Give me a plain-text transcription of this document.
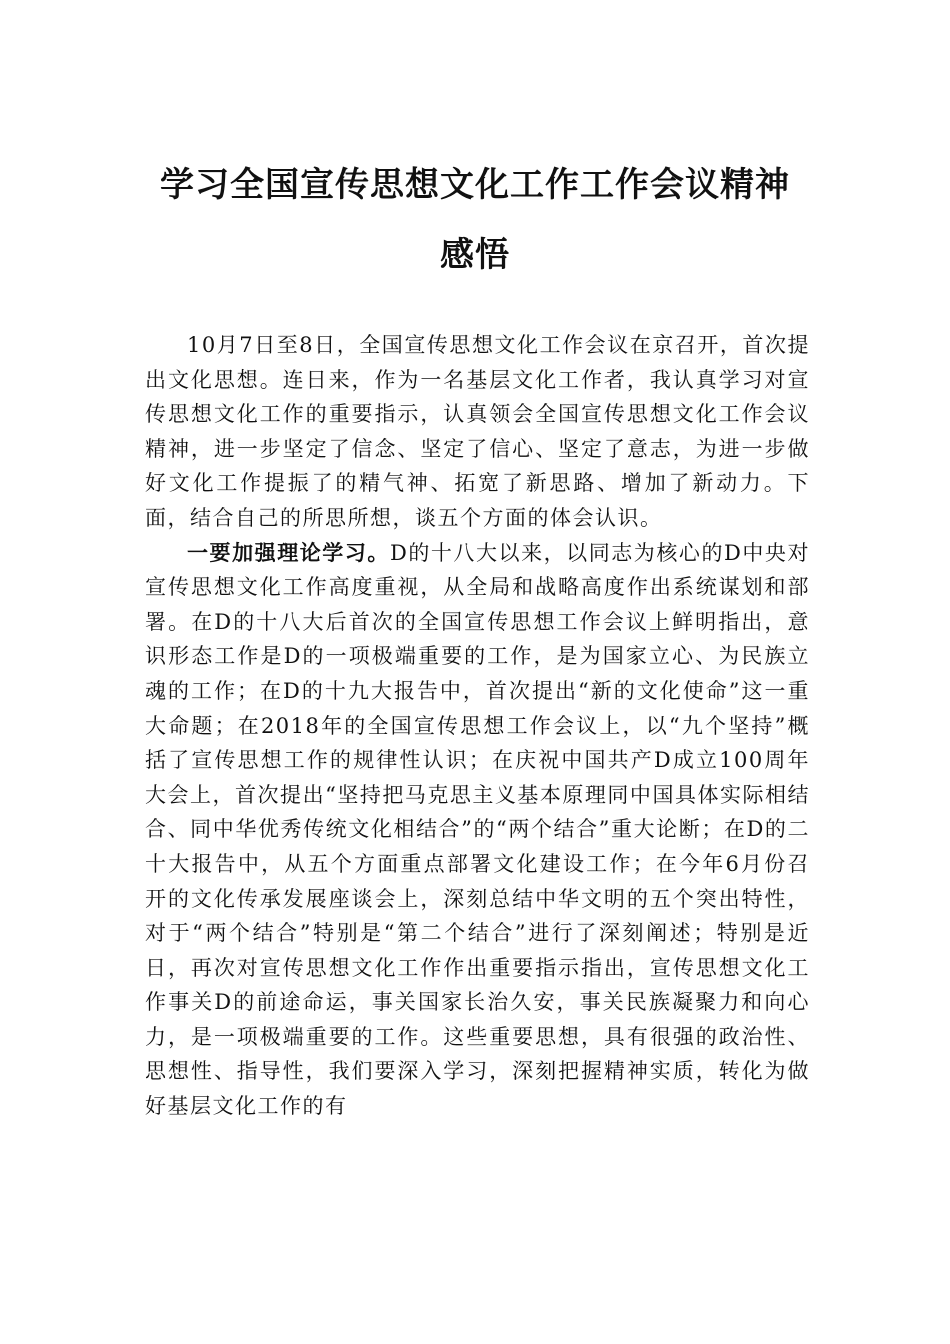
学习全国宣传思想文化工作工作会议精神
感悟

10月7日至8日，全国宣传思想文化工作会议在京召开，首次提出文化思想。连日来，作为一名基层文化工作者，我认真学习对宣传思想文化工作的重要指示，认真领会全国宣传思想文化工作会议精神，进一步坚定了信念、坚定了信心、坚定了意志，为进一步做好文化工作提振了的精气神、拓宽了新思路、增加了新动力。下面，结合自己的所思所想，谈五个方面的体会认识。

一要加强理论学习。D的十八大以来，以同志为核心的D中央对宣传思想文化工作高度重视，从全局和战略高度作出系统谋划和部署。在D的十八大后首次的全国宣传思想工作会议上鲜明指出，意识形态工作是D的一项极端重要的工作，是为国家立心、为民族立魂的工作；在D的十九大报告中，首次提出“新的文化使命”这一重大命题；在2018年的全国宣传思想工作会议上，以“九个坚持”概括了宣传思想工作的规律性认识；在庆祝中国共产D成立100周年大会上，首次提出“坚持把马克思主义基本原理同中国具体实际相结合、同中华优秀传统文化相结合”的“两个结合”重大论断；在D的二十大报告中，从五个方面重点部署文化建设工作；在今年6月份召开的文化传承发展座谈会上，深刻总结中华文明的五个突出特性，对于“两个结合”特别是“第二个结合”进行了深刻阐述；特别是近日，再次对宣传思想文化工作作出重要指示指出，宣传思想文化工作事关D的前途命运，事关国家长治久安，事关民族凝聚力和向心力，是一项极端重要的工作。这些重要思想，具有很强的政治性、思想性、指导性，我们要深入学习，深刻把握精神实质，转化为做好基层文化工作的有
